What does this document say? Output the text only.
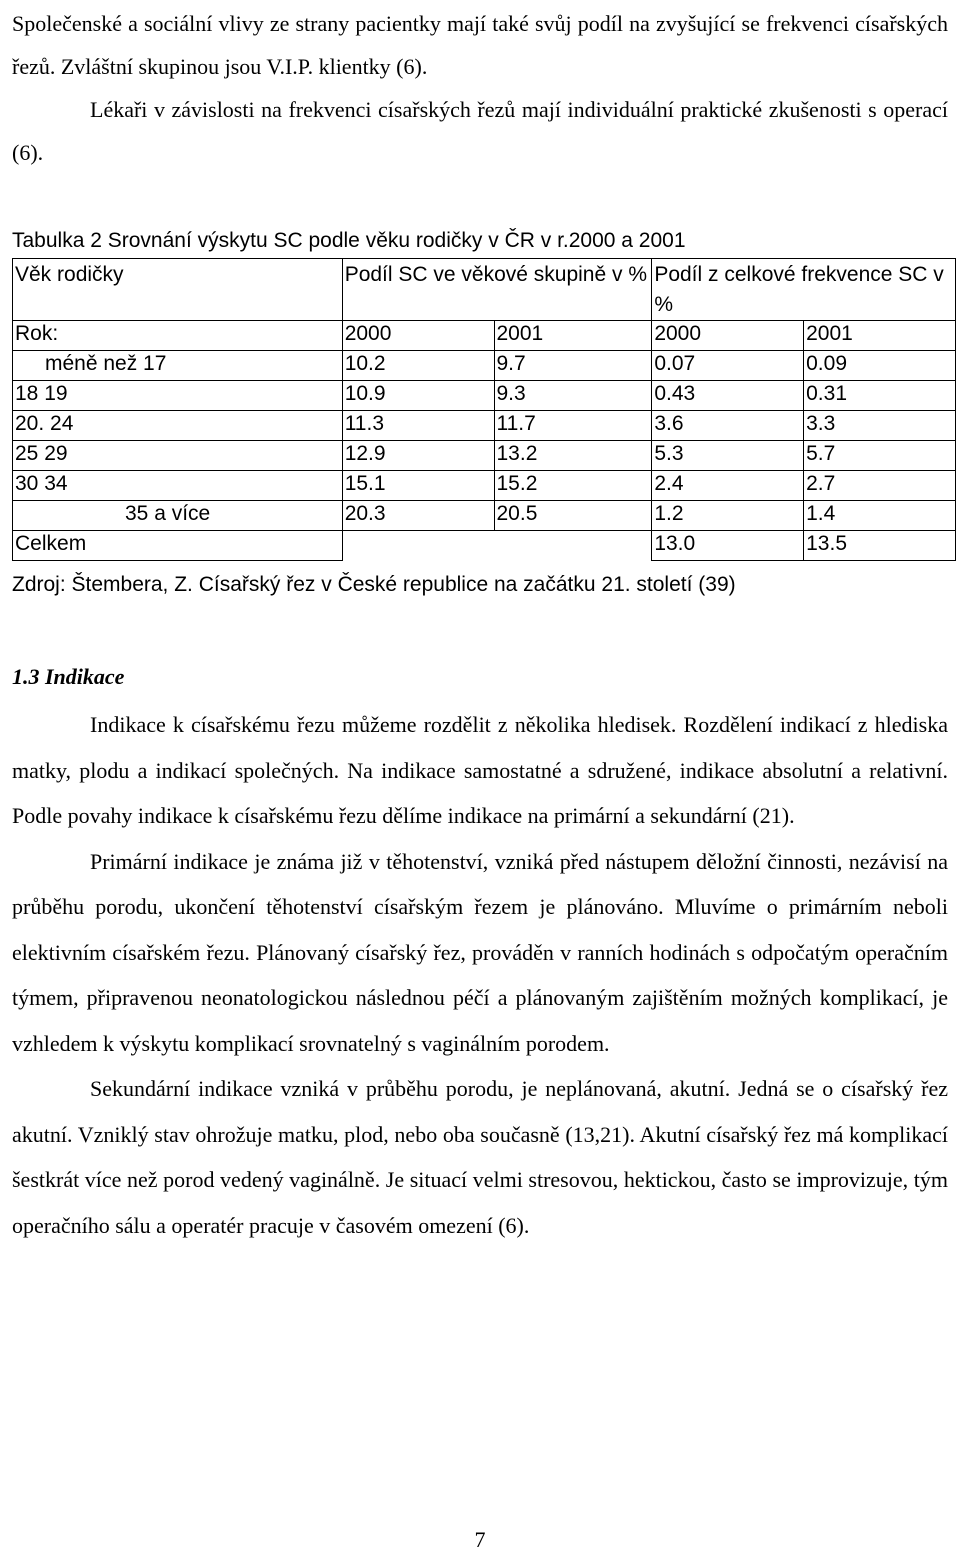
Společenské a sociální vlivy ze strany pacientky mají také svůj podíl na zvyšující se frekvenci císařských řezů. Zvláštní skupinou jsou V.I.P. klientky (6).

Lékaři v závislosti na frekvenci císařských řezů mají individuální praktické zkušenosti s operací (6).

Tabulka 2 Srovnání výskytu SC podle věku rodičky v ČR v r.2000 a 2001
Věk rodičky	Podíl SC ve věkové skupině v %		Podíl z celkové frekvence SC v %	
Rok:	2000	2001	2000	2001
méně než 17	10.2	9.7	0.07	0.09
18 19	10.9	9.3	0.43	0.31
20. 24	11.3	11.7	3.6	3.3
25 29	12.9	13.2	5.3	5.7
30 34	15.1	15.2	2.4	2.7
35 a více	20.3	20.5	1.2	1.4
Celkem			13.0	13.5
Zdroj: Štembera, Z. Císařský řez v České republice na začátku 21. století (39)
1.3 Indikace

Indikace k císařskému řezu můžeme rozdělit z několika hledisek. Rozdělení indikací z hlediska matky, plodu a indikací společných. Na indikace samostatné a sdružené, indikace absolutní a relativní. Podle povahy indikace k císařskému řezu dělíme indikace na primární a sekundární (21).

Primární indikace je známa již v těhotenství, vzniká před nástupem děložní činnosti, nezávisí na průběhu porodu, ukončení těhotenství císařským řezem je plánováno. Mluvíme o primárním neboli elektivním císařském řezu. Plánovaný císařský řez, prováděn v ranních hodinách s odpočatým operačním týmem, připravenou neonatologickou následnou péčí a plánovaným zajištěním možných komplikací, je vzhledem k výskytu komplikací srovnatelný s vaginálním porodem.

Sekundární indikace vzniká v průběhu porodu, je neplánovaná, akutní. Jedná se o císařský řez akutní. Vzniklý stav ohrožuje matku, plod, nebo oba současně (13,21). Akutní císařský řez má komplikací šestkrát více než porod vedený vaginálně. Je situací velmi stresovou, hektickou, často se improvizuje, tým operačního sálu a operatér pracuje v časovém omezení (6).

7
